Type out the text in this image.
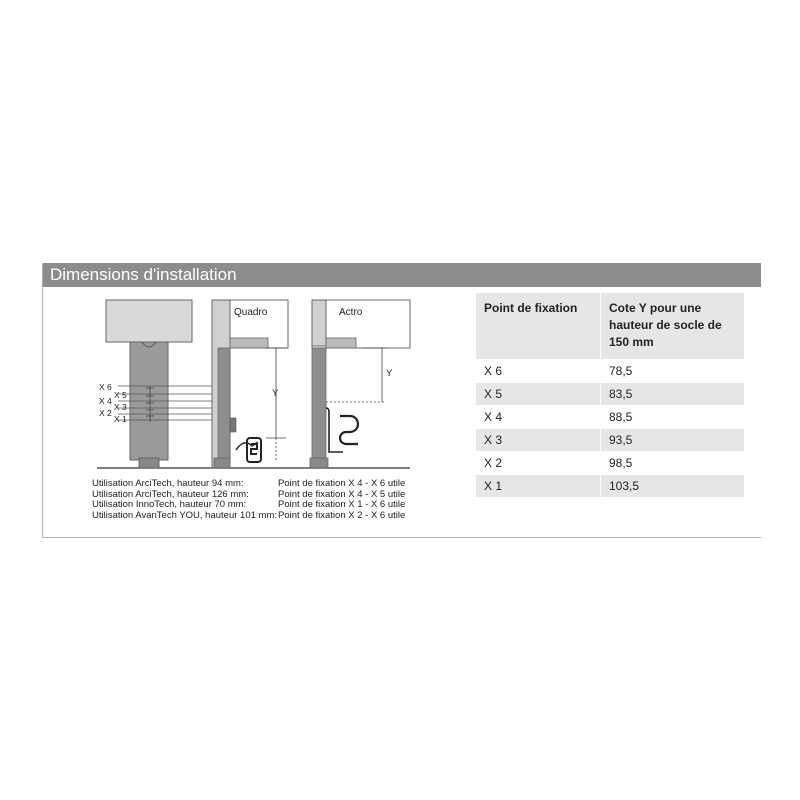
Dimensions d'installation
X 6
X 5
X 4
X 3
X 2
X 1
Quadro
Y
Actro
Y
Utilisation ArciTech, hauteur 94 mm:	Point de fixation X 4 - X 6 utile
Utilisation ArciTech, hauteur 126 mm:	Point de fixation X 4 - X 5 utile
Utilisation InnoTech, hauteur 70 mm:	Point de fixation X 1 - X 6 utile
Utilisation AvanTech YOU, hauteur 101 mm: Point de fixation X 2 - X 6 utile
Point de fixation	Cote Y pour une hauteur de socle de 150 mm
X 6	78,5
X 5	83,5
X 4	88,5
X 3	93,5
X 2	98,5
X 1	103,5
